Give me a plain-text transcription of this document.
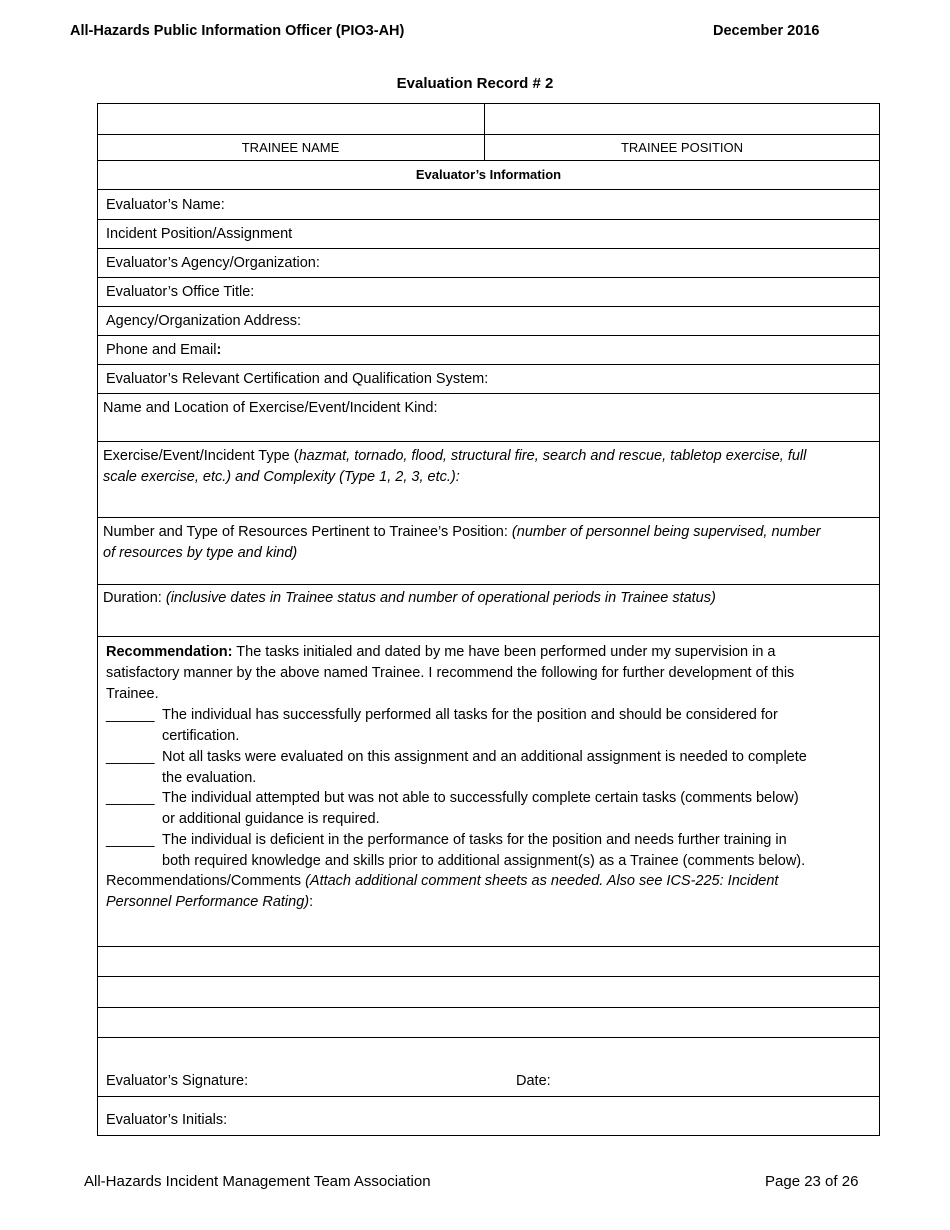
All-Hazards Public Information Officer (PIO3-AH)	December 2016
Evaluation Record # 2
TRAINEE NAME	TRAINEE POSITION
Evaluator’s Information
Evaluator’s Name:
Incident Position/Assignment
Evaluator’s Agency/Organization:
Evaluator’s Office Title:
Agency/Organization Address:
Phone and Email:
Evaluator’s Relevant Certification and Qualification System:
Name and Location of Exercise/Event/Incident Kind:
Exercise/Event/Incident Type (hazmat, tornado, flood, structural fire, search and rescue, tabletop exercise, full
scale exercise, etc.) and Complexity (Type 1, 2, 3, etc.):
Number and Type of Resources Pertinent to Trainee’s Position: (number of personnel being supervised, number
of resources by type and kind)
Duration: (inclusive dates in Trainee status and number of operational periods in Trainee status)
Recommendation: The tasks initialed and dated by me have been performed under my supervision in a
satisfactory manner by the above named Trainee. I recommend the following for further development of this
Trainee.
______ The individual has successfully performed all tasks for the position and should be considered for
certification.
______ Not all tasks were evaluated on this assignment and an additional assignment is needed to complete
the evaluation.
______ The individual attempted but was not able to successfully complete certain tasks (comments below)
or additional guidance is required.
______ The individual is deficient in the performance of tasks for the position and needs further training in
both required knowledge and skills prior to additional assignment(s) as a Trainee (comments below).
Recommendations/Comments (Attach additional comment sheets as needed. Also see ICS-225: Incident
Personnel Performance Rating):
Evaluator’s Signature:	Date:
Evaluator’s Initials:
All-Hazards Incident Management Team Association	Page 23 of 26
